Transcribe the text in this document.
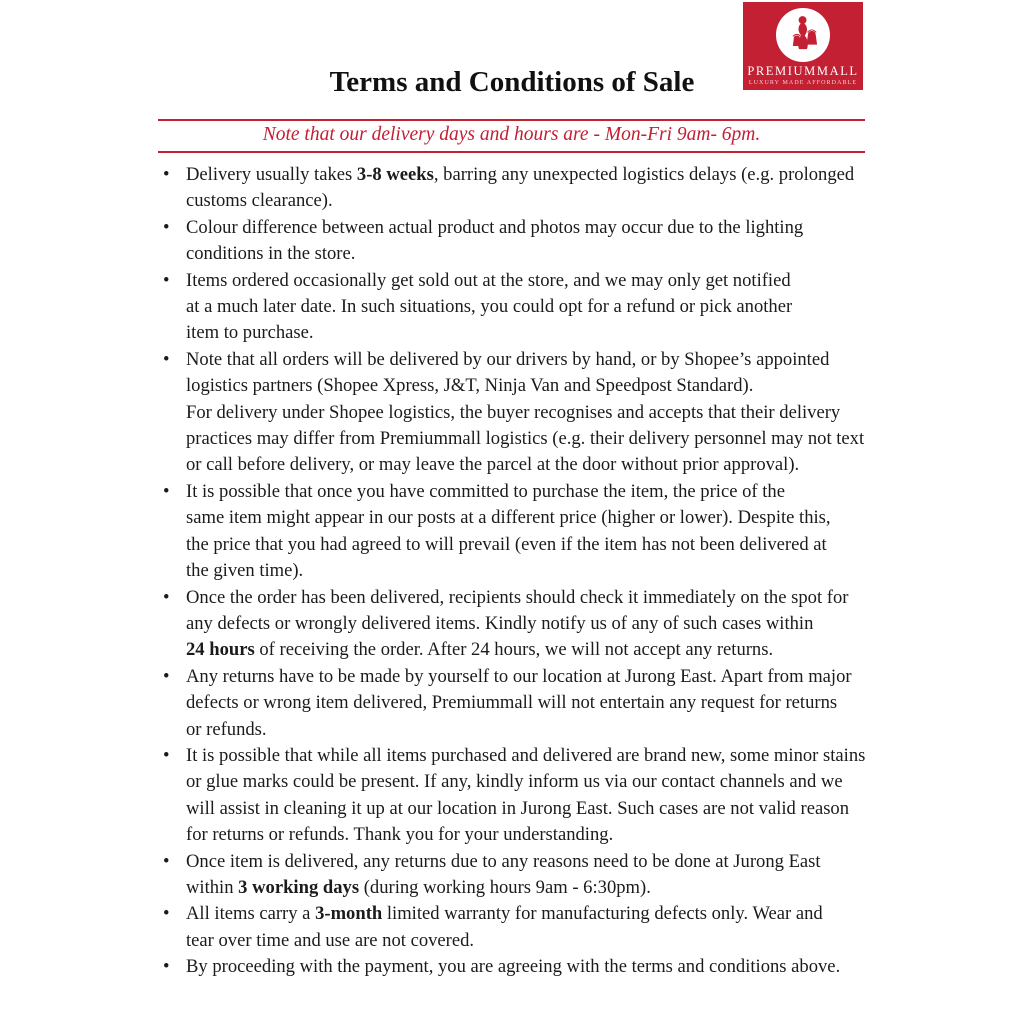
PREMIUMMALL
LUXURY MADE AFFORDABLE
Terms and Conditions of Sale
Note that our delivery days and hours are - Mon-Fri 9am- 6pm.
• Delivery usually takes 3-8 weeks, barring any unexpected logistics delays (e.g. prolonged
customs clearance).
• Colour difference between actual product and photos may occur due to the lighting
conditions in the store.
• Items ordered occasionally get sold out at the store, and we may only get notified
at a much later date. In such situations, you could opt for a refund or pick another
item to purchase.
• Note that all orders will be delivered by our drivers by hand, or by Shopee’s appointed
logistics partners (Shopee Xpress, J&T, Ninja Van and Speedpost Standard).
For delivery under Shopee logistics, the buyer recognises and accepts that their delivery
practices may differ from Premiummall logistics (e.g. their delivery personnel may not text
or call before delivery, or may leave the parcel at the door without prior approval).
• It is possible that once you have committed to purchase the item, the price of the
same item might appear in our posts at a different price (higher or lower). Despite this,
the price that you had agreed to will prevail (even if the item has not been delivered at
the given time).
• Once the order has been delivered, recipients should check it immediately on the spot for
any defects or wrongly delivered items. Kindly notify us of any of such cases within
24 hours of receiving the order. After 24 hours, we will not accept any returns.
• Any returns have to be made by yourself to our location at Jurong East. Apart from major
defects or wrong item delivered, Premiummall will not entertain any request for returns
or refunds.
• It is possible that while all items purchased and delivered are brand new, some minor stains
or glue marks could be present. If any, kindly inform us via our contact channels and we
will assist in cleaning it up at our location in Jurong East. Such cases are not valid reason
for returns or refunds. Thank you for your understanding.
• Once item is delivered, any returns due to any reasons need to be done at Jurong East
within 3 working days (during working hours 9am - 6:30pm).
• All items carry a 3-month limited warranty for manufacturing defects only. Wear and
tear over time and use are not covered.
• By proceeding with the payment, you are agreeing with the terms and conditions above.
